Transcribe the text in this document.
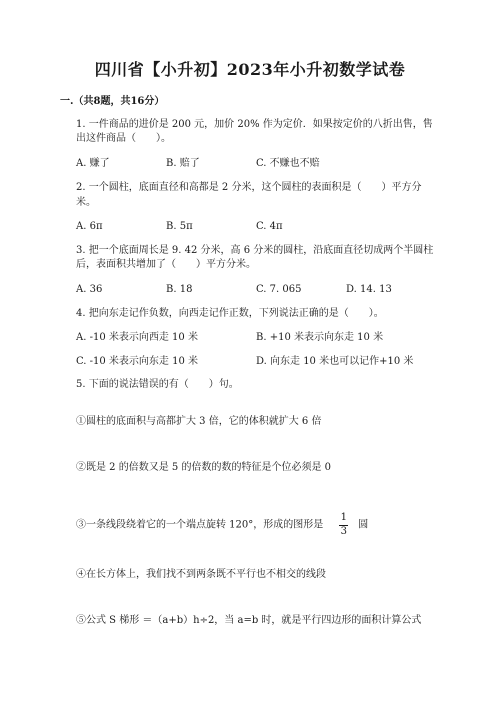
四川省【小升初】2023年小升初数学试卷
一.（共8题，共16分）
1. 一件商品的进价是 200 元，加价 20% 作为定价．如果按定价的八折出售，售
出这件商品（　　）。
A. 赚了	B. 赔了	C. 不赚也不赔
2. 一个圆柱，底面直径和高都是 2 分米，这个圆柱的表面积是（　　）平方分
米。
A. 6π	B. 5π	C. 4π
3. 把一个底面周长是 9. 42 分米，高 6 分米的圆柱，沿底面直径切成两个半圆柱
后，表面积共增加了（　　）平方分米。
A. 36	B. 18	C. 7. 065	D. 14. 13
4. 把向东走记作负数，向西走记作正数，下列说法正确的是（　　）。
A. -10 米表示向西走 10 米	B. +10 米表示向东走 10 米
C. -10 米表示向东走 10 米	D. 向东走 10 米也可以记作+10 米
5. 下面的说法错误的有（　　）句。
①圆柱的底面积与高都扩大 3 倍，它的体积就扩大 6 倍
②既是 2 的倍数又是 5 的倍数的数的特征是个位必须是 0
③一条线段绕着它的一个端点旋转 120°，形成的图形是 $\frac{1}{3}$ 圆
④在长方体上，我们找不到两条既不平行也不相交的线段
⑤公式 S 梯形 ＝（a+b）h÷2，当 a=b 时，就是平行四边形的面积计算公式
